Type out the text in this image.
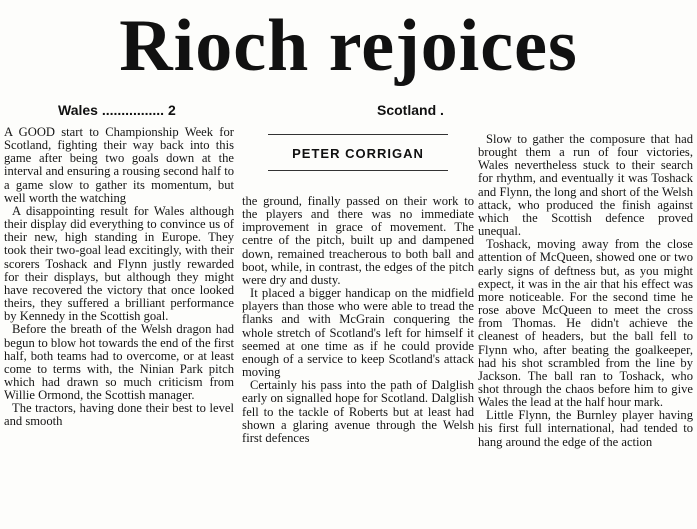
Rioch rejoices
Wales ................ 2	Scotland .
PETER CORRIGAN

A GOOD start to Championship Week for Scotland, fighting their way back into this game after being two goals down at the interval and ensuring a rousing second half to a game slow to gather its momentum, but well worth the watching

A disappointing result for Wales although their display did everything to convince us of their new, high standing in Europe. They took their two-goal lead excitingly, with their scorers Toshack and Flynn justly rewarded for their displays, but although they might have recovered the victory that once looked theirs, they suffered a brilliant performance by Kennedy in the Scottish goal.

Before the breath of the Welsh dragon had begun to blow hot towards the end of the first half, both teams had to overcome, or at least come to terms with, the Ninian Park pitch which had drawn so much criticism from Willie Ormond, the Scottish manager.

The tractors, having done their best to level and smooth

the ground, finally passed on their work to the players and there was no immediate improvement in grace of movement. The centre of the pitch, built up and dampened down, remained treacherous to both ball and boot, while, in contrast, the edges of the pitch were dry and dusty.

It placed a bigger handicap on the midfield players than those who were able to tread the flanks and with McGrain conquering the whole stretch of Scotland's left for himself it seemed at one time as if he could provide enough of a service to keep Scotland's attack moving

Certainly his pass into the path of Dalglish early on signalled hope for Scotland. Dalglish fell to the tackle of Roberts but at least had shown a glaring avenue through the Welsh first defences

Slow to gather the composure that had brought them a run of four victories, Wales nevertheless stuck to their search for rhythm, and eventually it was Toshack and Flynn, the long and short of the Welsh attack, who produced the finish against which the Scottish defence proved unequal.

Toshack, moving away from the close attention of McQueen, showed one or two early signs of deftness but, as you might expect, it was in the air that his effect was more noticeable. For the second time he rose above McQueen to meet the cross from Thomas. He didn't achieve the cleanest of headers, but the ball fell to Flynn who, after beating the goalkeeper, had his shot scrambled from the line by Jackson. The ball ran to Toshack, who shot through the chaos before him to give Wales the lead at the half hour mark.

Little Flynn, the Burnley player having his first full international, had tended to hang around the edge of the action
